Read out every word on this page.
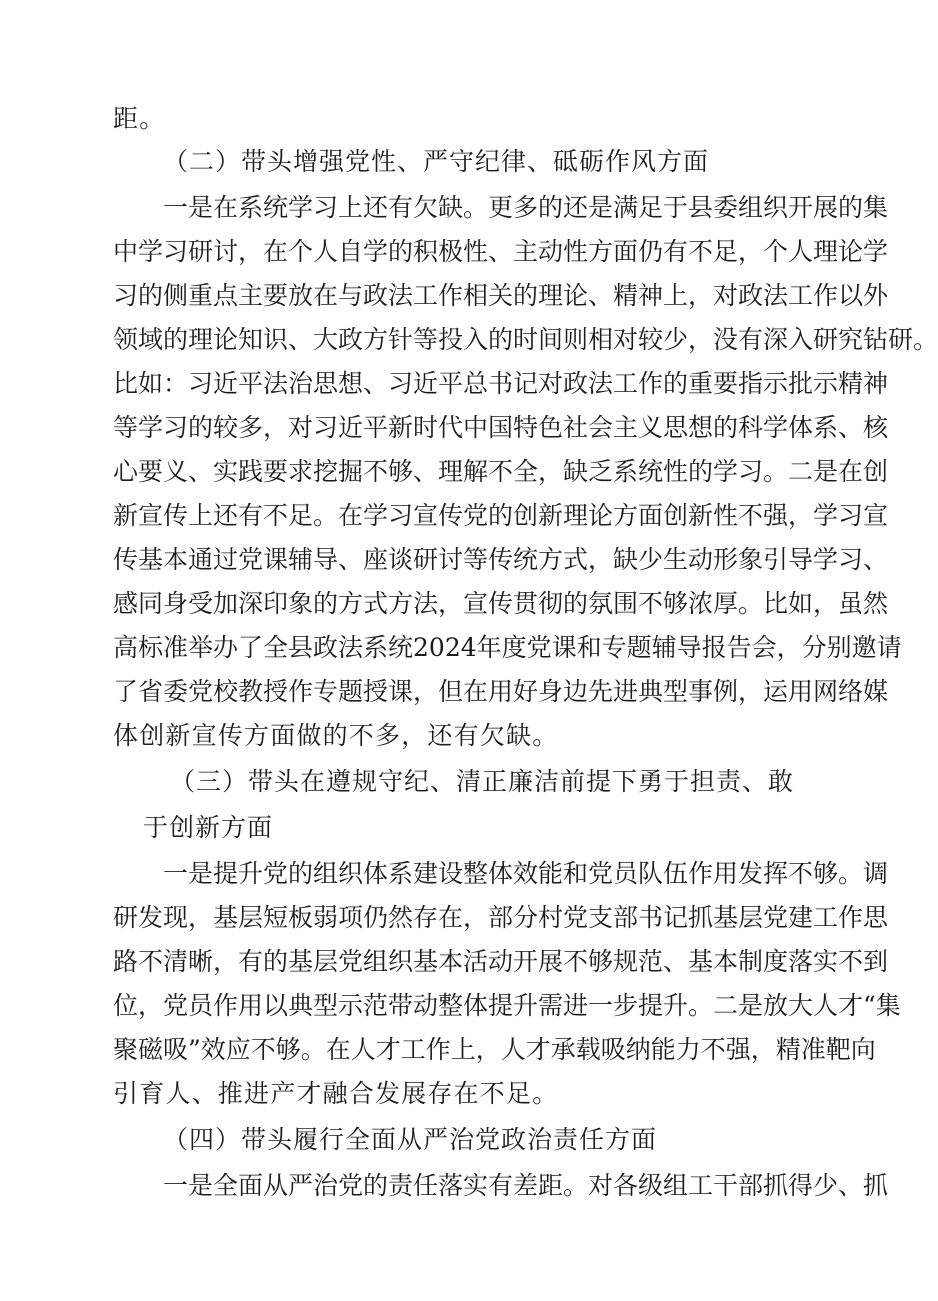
距。
（二）带头增强党性、严守纪律、砥砺作风方面
一是在系统学习上还有欠缺。更多的还是满足于县委组织开展的集
中学习研讨，在个人自学的积极性、主动性方面仍有不足，个人理论学
习的侧重点主要放在与政法工作相关的理论、精神上，对政法工作以外
领域的理论知识、大政方针等投入的时间则相对较少，没有深入研究钻研。
比如：习近平法治思想、习近平总书记对政法工作的重要指示批示精神
等学习的较多，对习近平新时代中国特色社会主义思想的科学体系、核
心要义、实践要求挖掘不够、理解不全，缺乏系统性的学习。二是在创
新宣传上还有不足。在学习宣传党的创新理论方面创新性不强，学习宣
传基本通过党课辅导、座谈研讨等传统方式，缺少生动形象引导学习、
感同身受加深印象的方式方法，宣传贯彻的氛围不够浓厚。比如，虽然
高标准举办了全县政法系统2024年度党课和专题辅导报告会，分别邀请
了省委党校教授作专题授课，但在用好身边先进典型事例，运用网络媒
体创新宣传方面做的不多，还有欠缺。
（三）带头在遵规守纪、清正廉洁前提下勇于担责、敢
于创新方面
一是提升党的组织体系建设整体效能和党员队伍作用发挥不够。调
研发现，基层短板弱项仍然存在，部分村党支部书记抓基层党建工作思
路不清晰，有的基层党组织基本活动开展不够规范、基本制度落实不到
位，党员作用以典型示范带动整体提升需进一步提升。二是放大人才“集
聚磁吸”效应不够。在人才工作上，人才承载吸纳能力不强，精准靶向
引育人、推进产才融合发展存在不足。
（四）带头履行全面从严治党政治责任方面
一是全面从严治党的责任落实有差距。对各级组工干部抓得少、抓
